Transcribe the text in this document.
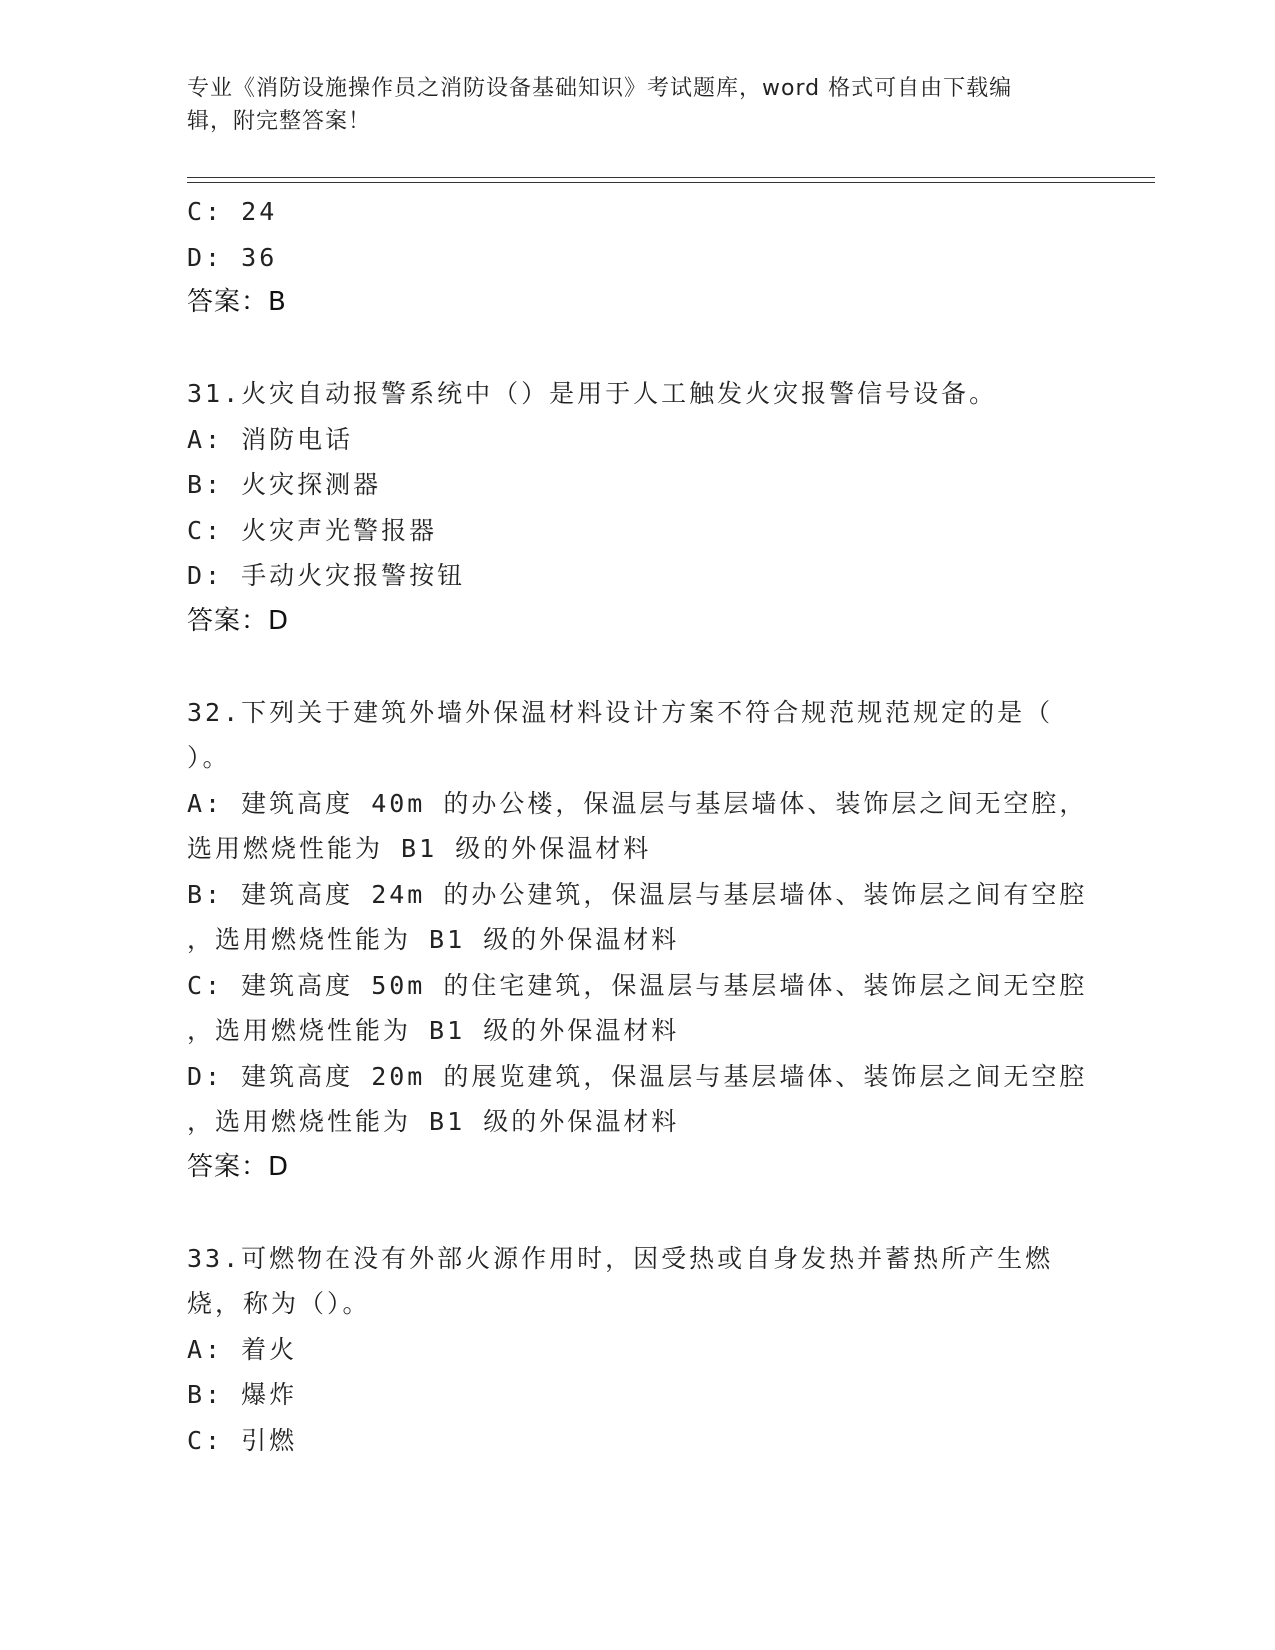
专业《消防设施操作员之消防设备基础知识》考试题库，word 格式可自由下载编
辑，附完整答案！
C: 24
D: 36
答案：B
31.火灾自动报警系统中（）是用于人工触发火灾报警信号设备。
A: 消防电话
B: 火灾探测器
C: 火灾声光警报器
D: 手动火灾报警按钮
答案：D
32.下列关于建筑外墙外保温材料设计方案不符合规范规范规定的是（
）。
A: 建筑高度 40m 的办公楼，保温层与基层墙体、装饰层之间无空腔，
选用燃烧性能为 B1 级的外保温材料
B: 建筑高度 24m 的办公建筑，保温层与基层墙体、装饰层之间有空腔
，选用燃烧性能为 B1 级的外保温材料
C: 建筑高度 50m 的住宅建筑，保温层与基层墙体、装饰层之间无空腔
，选用燃烧性能为 B1 级的外保温材料
D: 建筑高度 20m 的展览建筑，保温层与基层墙体、装饰层之间无空腔
，选用燃烧性能为 B1 级的外保温材料
答案：D
33.可燃物在没有外部火源作用时，因受热或自身发热并蓄热所产生燃
烧，称为（）。
A: 着火
B: 爆炸
C: 引燃
